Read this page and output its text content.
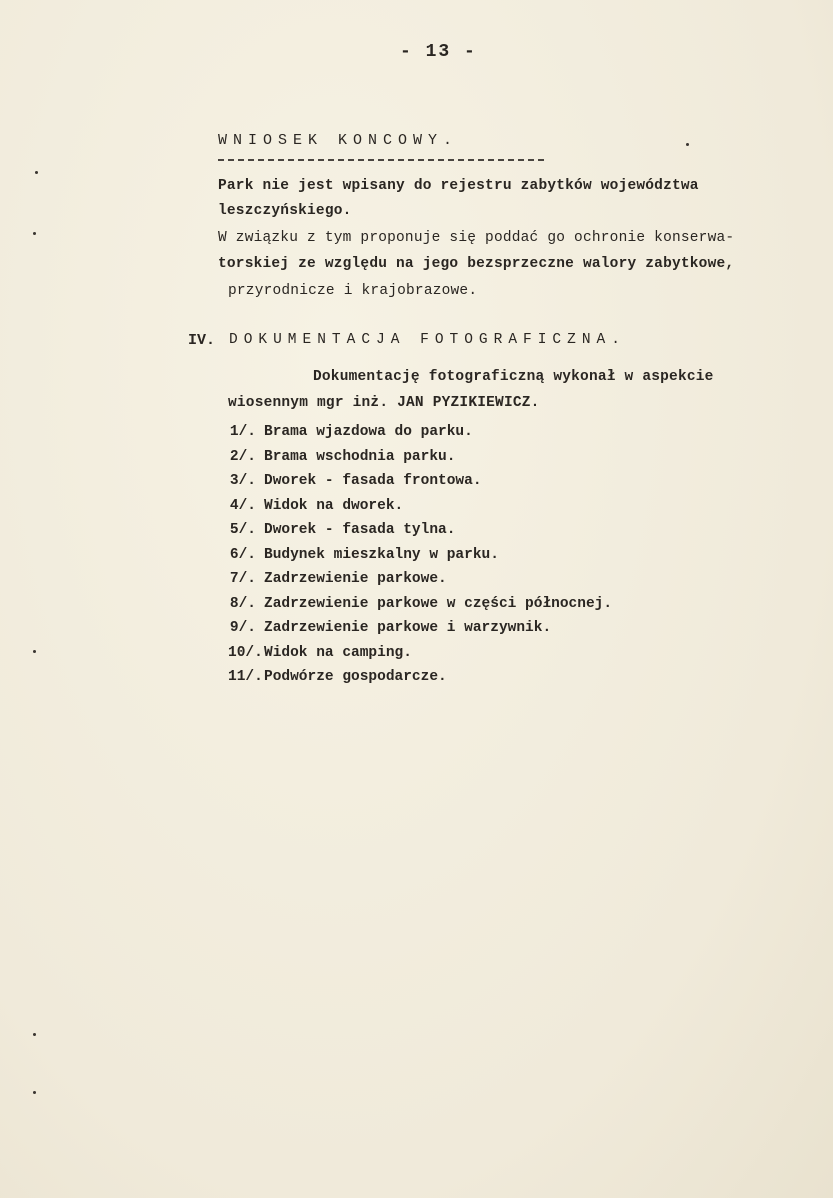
- 13 -
WNIOSEK KONCOWY.
Park nie jest wpisany do rejestru zabytków województwa
leszczyńskiego.
W związku z tym proponuje się poddać go ochronie konserwa-
torskiej ze względu na jego bezsprzeczne walory zabytkowe,
przyrodnicze i krajobrazowe.
IV. DOKUMENTACJA FOTOGRAFICZNA.
Dokumentację fotograficzną wykonał w aspekcie
wiosennym mgr inż. JAN PYZIKIEWICZ.
1/. Brama wjazdowa do parku.
2/. Brama wschodnia parku.
3/. Dworek - fasada frontowa.
4/. Widok na dworek.
5/. Dworek - fasada tylna.
6/. Budynek mieszkalny w parku.
7/. Zadrzewienie parkowe.
8/. Zadrzewienie parkowe w części północnej.
9/. Zadrzewienie parkowe i warzywnik.
10/.Widok na camping.
11/.Podwórze gospodarcze.
